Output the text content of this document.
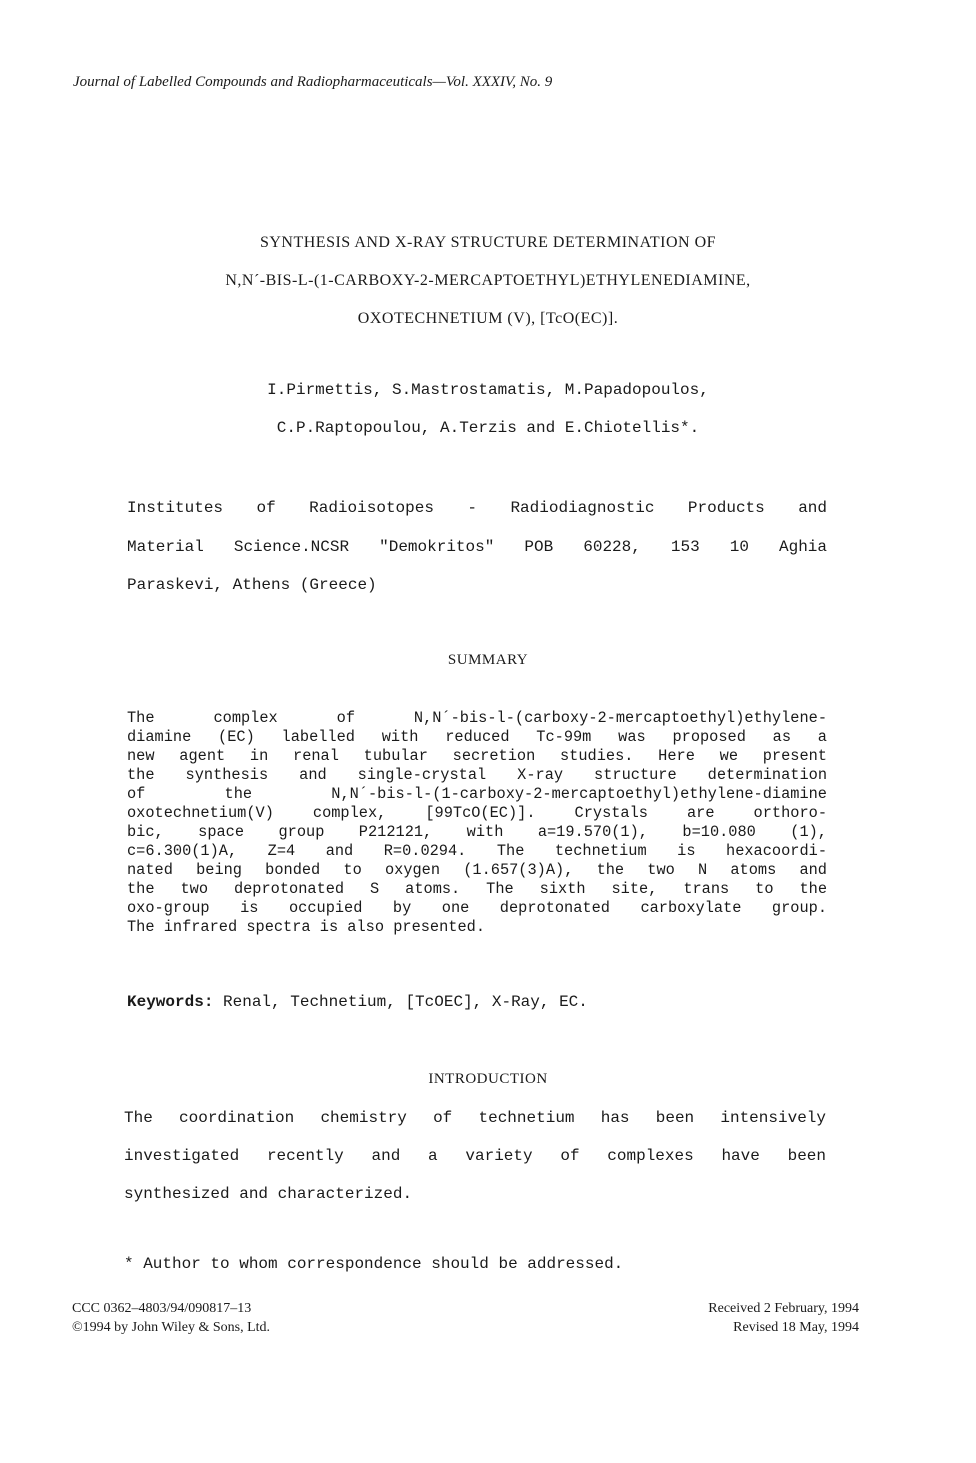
Journal of Labelled Compounds and Radiopharmaceuticals—Vol. XXXIV, No. 9
SYNTHESIS AND X-RAY STRUCTURE DETERMINATION OF
N,N´-BIS-L-(1-CARBOXY-2-MERCAPTOETHYL)ETHYLENEDIAMINE,
OXOTECHNETIUM (V), [TcO(EC)].
I.Pirmettis, S.Mastrostamatis, M.Papadopoulos,
C.P.Raptopoulou, A.Terzis and E.Chiotellis*.
Institutes of Radioisotopes - Radiodiagnostic Products and
Material Science.NCSR "Demokritos" POB 60228, 153 10 Aghia
Paraskevi, Athens (Greece)
SUMMARY
The complex of N,N´-bis-l-(carboxy-2-mercaptoethyl)ethylene-
diamine (EC) labelled with reduced Tc-99m was proposed as a
new agent in renal tubular secretion studies. Here we present
the synthesis and single-crystal X-ray structure determination
of the N,N´-bis-l-(1-carboxy-2-mercaptoethyl)ethylene-diamine
oxotechnetium(V) complex, [99TcO(EC)]. Crystals are orthoro-
bic, space group P212121, with a=19.570(1), b=10.080 (1),
c=6.300(1)A, Z=4 and R=0.0294. The technetium is hexacoordi-
nated being bonded to oxygen (1.657(3)A), the two N atoms and
the two deprotonated S atoms. The sixth site, trans to the
oxo-group is occupied by one deprotonated carboxylate group.
The infrared spectra is also presented.
Keywords: Renal, Technetium, [TcOEC], X-Ray, EC.
INTRODUCTION
The coordination chemistry of technetium has been intensively
investigated recently and a variety of complexes have been
synthesized and characterized.
* Author to whom correspondence should be addressed.
CCC 0362–4803/94/090817–13
©1994 by John Wiley & Sons, Ltd.
Received 2 February, 1994
Revised 18 May, 1994
